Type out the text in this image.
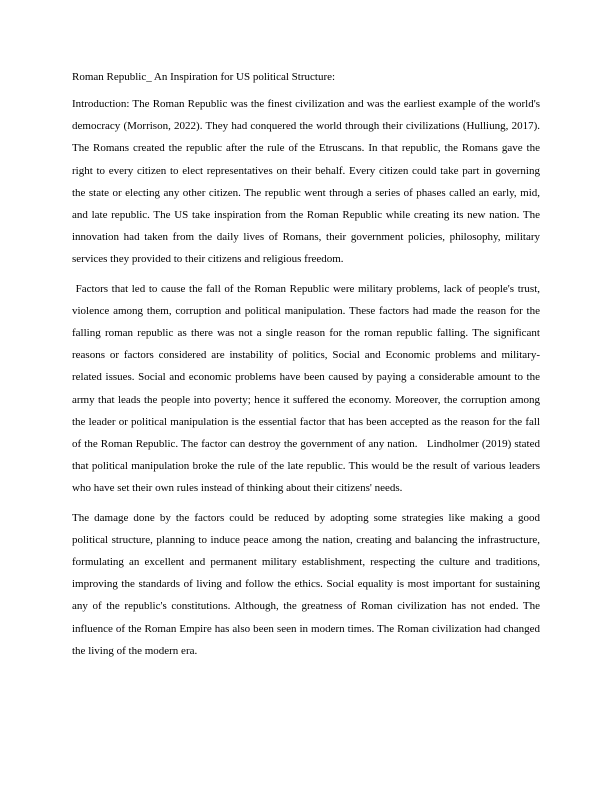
Roman Republic_ An Inspiration for US political Structure:

Introduction: The Roman Republic was the finest civilization and was the earliest example of the world's democracy (Morrison, 2022). They had conquered the world through their civilizations (Hulliung, 2017). The Romans created the republic after the rule of the Etruscans. In that republic, the Romans gave the right to every citizen to elect representatives on their behalf. Every citizen could take part in governing the state or electing any other citizen. The republic went through a series of phases called an early, mid, and late republic. The US take inspiration from the Roman Republic while creating its new nation. The innovation had taken from the daily lives of Romans, their government policies, philosophy, military services they provided to their citizens and religious freedom.

Factors that led to cause the fall of the Roman Republic were military problems, lack of people's trust, violence among them, corruption and political manipulation. These factors had made the reason for the falling roman republic as there was not a single reason for the roman republic falling. The significant reasons or factors considered are instability of politics, Social and Economic problems and military-related issues. Social and economic problems have been caused by paying a considerable amount to the army that leads the people into poverty; hence it suffered the economy. Moreover, the corruption among the leader or political manipulation is the essential factor that has been accepted as the reason for the fall of the Roman Republic. The factor can destroy the government of any nation.   Lindholmer (2019) stated that political manipulation broke the rule of the late republic. This would be the result of various leaders who have set their own rules instead of thinking about their citizens' needs.

The damage done by the factors could be reduced by adopting some strategies like making a good political structure, planning to induce peace among the nation, creating and balancing the infrastructure, formulating an excellent and permanent military establishment, respecting the culture and traditions, improving the standards of living and follow the ethics. Social equality is most important for sustaining any of the republic's constitutions. Although, the greatness of Roman civilization has not ended. The influence of the Roman Empire has also been seen in modern times. The Roman civilization had changed the living of the modern era.
